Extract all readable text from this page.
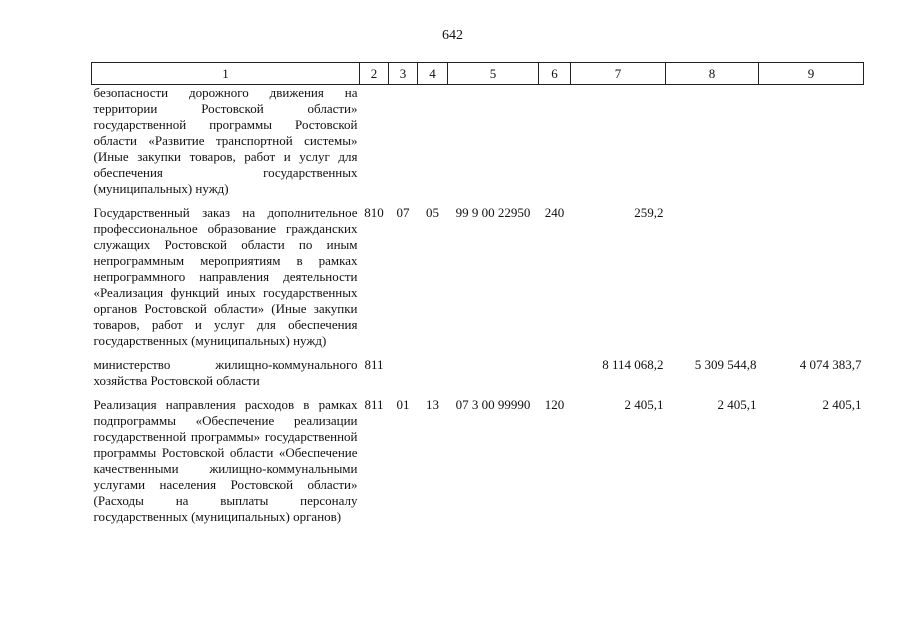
642
1	2	3	4	5	6	7	8	9
безопасности дорожного движения на территории Ростовской области» государственной программы Ростовской области «Развитие транспортной системы» (Иные закупки товаров, работ и услуг для обеспечения государственных (муниципальных) нужд)								
Государственный заказ на дополнительное профессиональное образование гражданских служащих Ростовской области по иным непрограммным мероприятиям в рамках непрограммного направления деятельности «Реализация функций иных государственных органов Ростовской области» (Иные закупки товаров, работ и услуг для обеспечения государственных (муниципальных) нужд)	810	07	05	99 9 00 22950	240	259,2		
министерство жилищно-коммунального хозяйства Ростовской области	811					8 114 068,2	5 309 544,8	4 074 383,7
Реализация направления расходов в рамках подпрограммы «Обеспечение реализации государственной программы» государственной программы Ростовской области «Обеспечение качественными жилищно-коммунальными услугами населения Ростовской области» (Расходы на выплаты персоналу государственных (муниципальных) органов)	811	01	13	07 3 00 99990	120	2 405,1	2 405,1	2 405,1
